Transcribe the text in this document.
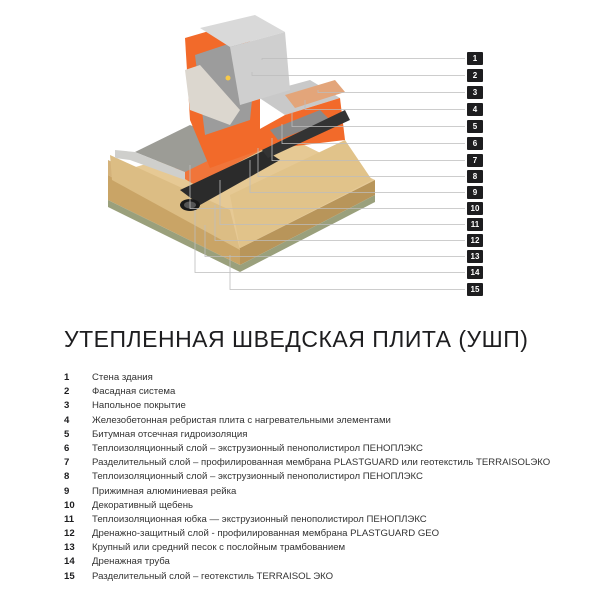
1
2
3
4
5
6
7
8
9
10
11
12
13
14
15
УТЕПЛЕННАЯ ШВЕДСКАЯ ПЛИТА (УШП)
1 Стена здания
2 Фасадная система
3 Напольное покрытие
4 Железобетонная ребристая плита с нагревательными элементами
5 Битумная отсечная гидроизоляция
6 Теплоизоляционный слой – экструзионный пенополистирол ПЕНОПЛЭКС
7 Разделительный слой – профилированная мембрана PLASTGUARD или геотекстиль TERRAISOLЭКО
8 Теплоизоляционный слой – экструзионный пенополистирол ПЕНОПЛЭКС
9 Прижимная алюминиевая рейка
10 Декоративный щебень
11 Теплоизоляционная юбка — экструзионный пенополистирол ПЕНОПЛЭКС
12 Дренажно-защитный слой - профилированная мембрана PLASTGUARD GEO
13 Крупный или средний песок с послойным трамбованием
14 Дренажная труба
15 Разделительный слой – геотекстиль TERRAISOL ЭКО
